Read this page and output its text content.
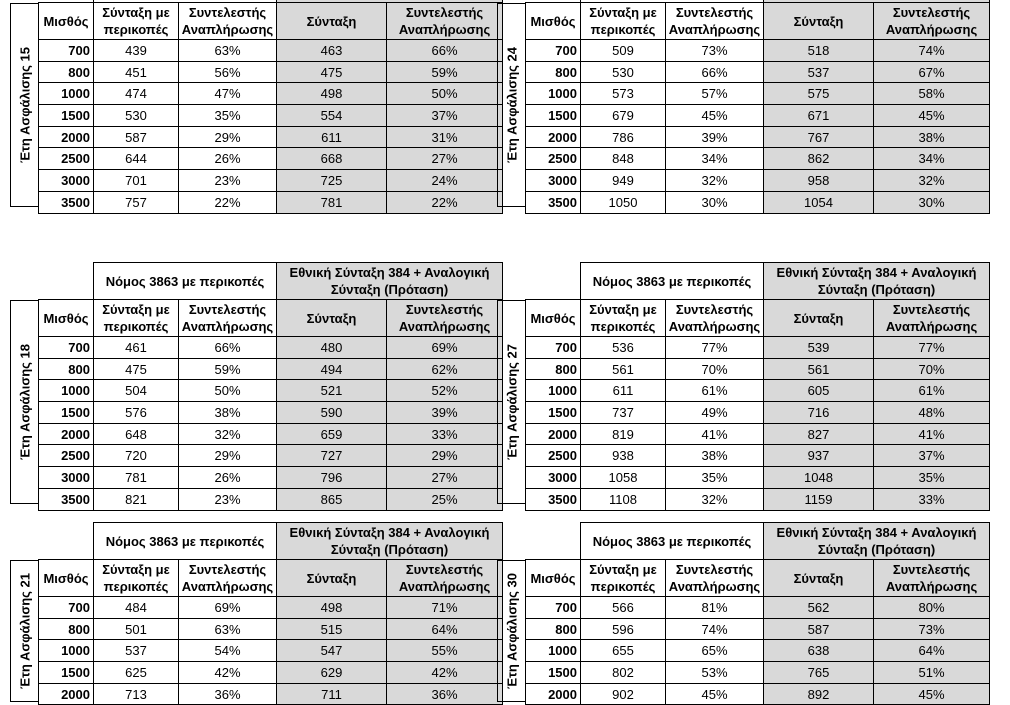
Έτη Ασφάλισης 15

Μισθός	Σύνταξη με περικοπές	Συντελεστής Αναπλήρωσης	Σύνταξη	Συντελεστής Αναπλήρωσης
700	439	63%	463	66%
800	451	56%	475	59%
1000	474	47%	498	50%
1500	530	35%	554	37%
2000	587	29%	611	31%
2500	644	26%	668	27%
3000	701	23%	725	24%
3500	757	22%	781	22%
Έτη Ασφάλισης 24

Μισθός	Σύνταξη με περικοπές	Συντελεστής Αναπλήρωσης	Σύνταξη	Συντελεστής Αναπλήρωσης
700	509	73%	518	74%
800	530	66%	537	67%
1000	573	57%	575	58%
1500	679	45%	671	45%
2000	786	39%	767	38%
2500	848	34%	862	34%
3000	949	32%	958	32%
3500	1050	30%	1054	30%
Έτη Ασφάλισης 18
	Νόμος 3863 με περικοπές		Εθνική Σύνταξη 384 + Αναλογική Σύνταξη (Πρόταση)	
Μισθός	Σύνταξη με περικοπές	Συντελεστής Αναπλήρωσης	Σύνταξη	Συντελεστής Αναπλήρωσης
700	461	66%	480	69%
800	475	59%	494	62%
1000	504	50%	521	52%
1500	576	38%	590	39%
2000	648	32%	659	33%
2500	720	29%	727	29%
3000	781	26%	796	27%
3500	821	23%	865	25%
Έτη Ασφάλισης 27
	Νόμος 3863 με περικοπές		Εθνική Σύνταξη 384 + Αναλογική Σύνταξη (Πρόταση)	
Μισθός	Σύνταξη με περικοπές	Συντελεστής Αναπλήρωσης	Σύνταξη	Συντελεστής Αναπλήρωσης
700	536	77%	539	77%
800	561	70%	561	70%
1000	611	61%	605	61%
1500	737	49%	716	48%
2000	819	41%	827	41%
2500	938	38%	937	37%
3000	1058	35%	1048	35%
3500	1108	32%	1159	33%
Έτη Ασφάλισης 21
	Νόμος 3863 με περικοπές		Εθνική Σύνταξη 384 + Αναλογική Σύνταξη (Πρόταση)	
Μισθός	Σύνταξη με περικοπές	Συντελεστής Αναπλήρωσης	Σύνταξη	Συντελεστής Αναπλήρωσης
700	484	69%	498	71%
800	501	63%	515	64%
1000	537	54%	547	55%
1500	625	42%	629	42%
2000	713	36%	711	36%
Έτη Ασφάλισης 30
	Νόμος 3863 με περικοπές		Εθνική Σύνταξη 384 + Αναλογική Σύνταξη (Πρόταση)	
Μισθός	Σύνταξη με περικοπές	Συντελεστής Αναπλήρωσης	Σύνταξη	Συντελεστής Αναπλήρωσης
700	566	81%	562	80%
800	596	74%	587	73%
1000	655	65%	638	64%
1500	802	53%	765	51%
2000	902	45%	892	45%
